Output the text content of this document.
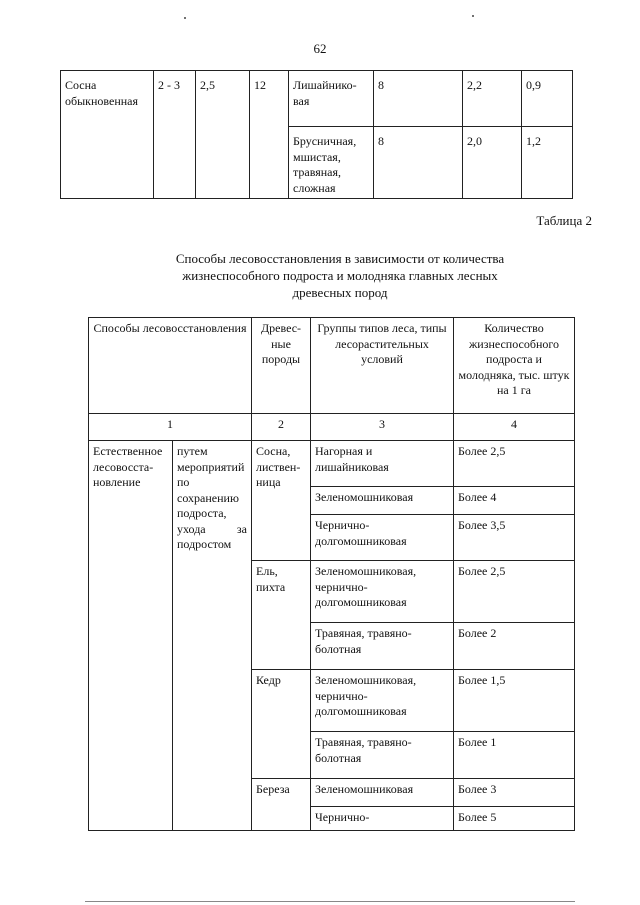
62
Сосна обыкновенная	2 - 3	2,5	12	Лишайнико-вая	8	2,2	0,9
				Брусничная, мшистая, травяная, сложная	8	2,0	1,2
Таблица 2
Способы лесовосстановления в зависимости от количества
жизнеспособного подроста и молодняка главных лесных
древесных пород
Способы лесовосстановления		Древес-ные породы	Группы типов леса, типы лесорастительных условий	Количество жизнеспособного подроста и молодняка, тыс. штук на 1 га
1		2	3	4
Естественное лесовосста-новление	путем мероприятий по сохранению подроста, ухода за подростом	Сосна, листвен-ница	Нагорная и лишайниковая	Более 2,5
			Зеленомошниковая	Более 4
			Чернично-долгомошниковая	Более 3,5
		Ель, пихта	Зеленомошниковая, чернично-долгомошниковая	Более 2,5
			Травяная, травяно-болотная	Более 2
		Кедр	Зеленомошниковая, чернично-долгомошниковая	Более 1,5
			Травяная, травяно-болотная	Более 1
		Береза	Зеленомошниковая	Более 3
			Чернично-	Более 5
